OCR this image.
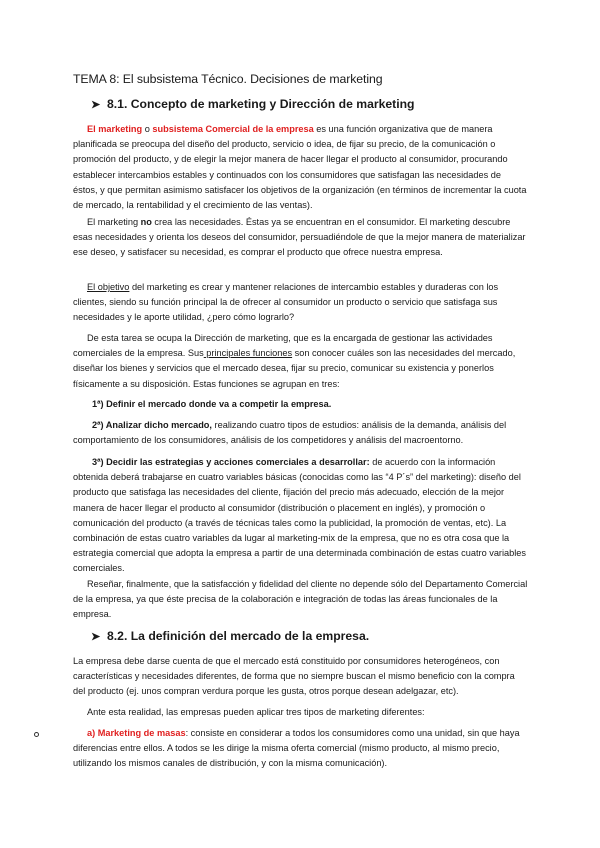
TEMA 8: El subsistema Técnico. Decisiones de marketing
➤ 8.1. Concepto de marketing y Dirección de marketing

El marketing o subsistema Comercial de la empresa es una función organizativa que de manera planificada se preocupa del diseño del producto, servicio o idea, de fijar su precio, de la comunicación o promoción del producto, y de elegir la mejor manera de hacer llegar el producto al consumidor, procurando establecer intercambios estables y continuados con los consumidores que satisfagan las necesidades de éstos, y que permitan asimismo satisfacer los objetivos de la organización (en términos de incrementar la cuota de mercado, la rentabilidad y el crecimiento de las ventas).

El marketing no crea las necesidades. Éstas ya se encuentran en el consumidor. El marketing descubre esas necesidades y orienta los deseos del consumidor, persuadiéndole de que la mejor manera de materializar ese deseo, y satisfacer su necesidad, es comprar el producto que ofrece nuestra empresa.

El objetivo del marketing es crear y mantener relaciones de intercambio estables y duraderas con los clientes, siendo su función principal la de ofrecer al consumidor un producto o servicio que satisfaga sus necesidades y le aporte utilidad, ¿pero cómo lograrlo?

De esta tarea se ocupa la Dirección de marketing, que es la encargada de gestionar las actividades comerciales de la empresa. Sus principales funciones son conocer cuáles son las necesidades del mercado, diseñar los bienes y servicios que el mercado desea, fijar su precio, comunicar su existencia y ponerlos físicamente a su disposición. Estas funciones se agrupan en tres:

1ª) Definir el mercado donde va a competir la empresa.

2ª) Analizar dicho mercado, realizando cuatro tipos de estudios: análisis de la demanda, análisis del comportamiento de los consumidores, análisis de los competidores y análisis del macroentorno.

3ª) Decidir las estrategias y acciones comerciales a desarrollar: de acuerdo con la información obtenida deberá trabajarse en cuatro variables básicas (conocidas como las “4 P´s” del marketing): diseño del producto que satisfaga las necesidades del cliente, fijación del precio más adecuado, elección de la mejor manera de hacer llegar el producto al consumidor (distribución o placement en inglés), y promoción o comunicación del producto (a través de técnicas tales como la publicidad, la promoción de ventas, etc). La combinación de estas cuatro variables da lugar al marketing-mix de la empresa, que no es otra cosa que la estrategia comercial que adopta la empresa a partir de una determinada combinación de estas cuatro variables comerciales.

Reseñar, finalmente, que la satisfacción y fidelidad del cliente no depende sólo del Departamento Comercial de la empresa, ya que éste precisa de la colaboración e integración de todas las áreas funcionales de la empresa.

➤ 8.2. La definición del mercado de la empresa.

La empresa debe darse cuenta de que el mercado está constituido por consumidores heterogéneos, con características y necesidades diferentes, de forma que no siempre buscan el mismo beneficio con la compra del producto (ej. unos compran verdura porque les gusta, otros porque desean adelgazar, etc).

Ante esta realidad, las empresas pueden aplicar tres tipos de marketing diferentes:

a) Marketing de masas: consiste en considerar a todos los consumidores como una unidad, sin que haya diferencias entre ellos. A todos se les dirige la misma oferta comercial (mismo producto, al mismo precio, utilizando los mismos canales de distribución, y con la misma comunicación).
